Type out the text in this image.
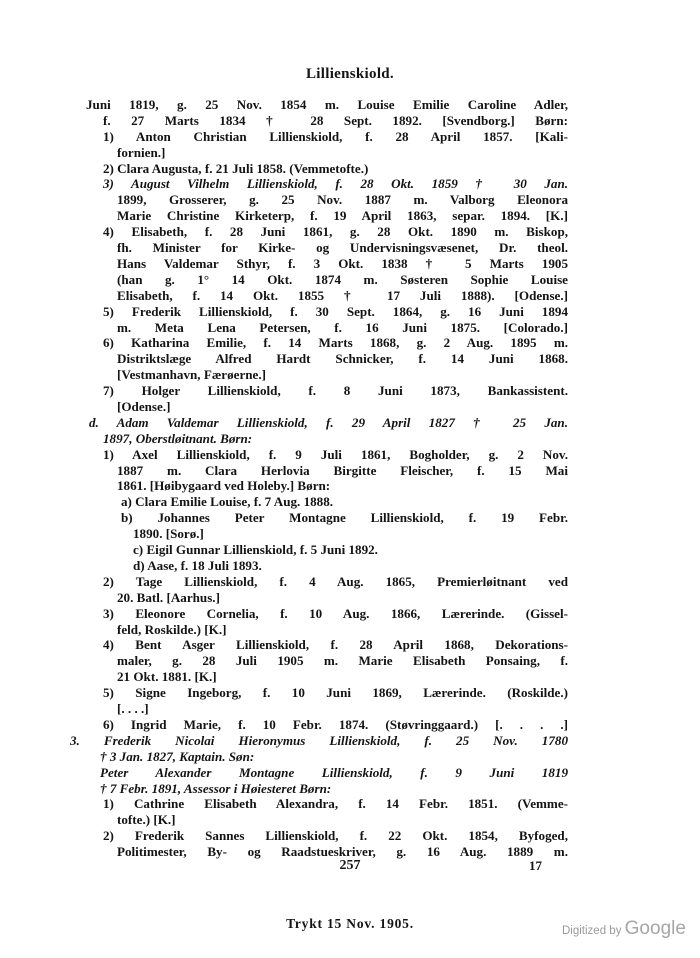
Lillienskiold.
Juni 1819, g. 25 Nov. 1854 m. Louise Emilie Caroline Adler,
f. 27 Marts 1834 † 28 Sept. 1892. [Svendborg.] Børn:
1) Anton Christian Lillienskiold, f. 28 April 1857. [Kali-
fornien.]
2) Clara Augusta, f. 21 Juli 1858. (Vemmetofte.)
3) August Vilhelm Lillienskiold, f. 28 Okt. 1859 † 30 Jan.
1899, Grosserer, g. 25 Nov. 1887 m. Valborg Eleonora
Marie Christine Kirketerp, f. 19 April 1863, separ. 1894. [K.]
4) Elisabeth, f. 28 Juni 1861, g. 28 Okt. 1890 m. Biskop,
fh. Minister for Kirke- og Undervisningsvæsenet, Dr. theol.
Hans Valdemar Sthyr, f. 3 Okt. 1838 † 5 Marts 1905
(han g. 1° 14 Okt. 1874 m. Søsteren Sophie Louise
Elisabeth, f. 14 Okt. 1855 † 17 Juli 1888). [Odense.]
5) Frederik Lillienskiold, f. 30 Sept. 1864, g. 16 Juni 1894
m. Meta Lena Petersen, f. 16 Juni 1875. [Colorado.]
6) Katharina Emilie, f. 14 Marts 1868, g. 2 Aug. 1895 m.
Distriktslæge Alfred Hardt Schnicker, f. 14 Juni 1868.
[Vestmanhavn, Færøerne.]
7) Holger Lillienskiold, f. 8 Juni 1873, Bankassistent.
[Odense.]
d. Adam Valdemar Lillienskiold, f. 29 April 1827 † 25 Jan.
1897, Oberstløitnant. Børn:
1) Axel Lillienskiold, f. 9 Juli 1861, Bogholder, g. 2 Nov.
1887 m. Clara Herlovia Birgitte Fleischer, f. 15 Mai
1861. [Høibygaard ved Holeby.] Børn:
a) Clara Emilie Louise, f. 7 Aug. 1888.
b) Johannes Peter Montagne Lillienskiold, f. 19 Febr.
1890. [Sorø.]
c) Eigil Gunnar Lillienskiold, f. 5 Juni 1892.
d) Aase, f. 18 Juli 1893.
2) Tage Lillienskiold, f. 4 Aug. 1865, Premierløitnant ved
20. Batl. [Aarhus.]
3) Eleonore Cornelia, f. 10 Aug. 1866, Lærerinde. (Gissel-
feld, Roskilde.) [K.]
4) Bent Asger Lillienskiold, f. 28 April 1868, Dekorations-
maler, g. 28 Juli 1905 m. Marie Elisabeth Ponsaing, f.
21 Okt. 1881. [K.]
5) Signe Ingeborg, f. 10 Juni 1869, Lærerinde. (Roskilde.)
[. . . .]
6) Ingrid Marie, f. 10 Febr. 1874. (Støvringgaard.) [. . . .]
3. Frederik Nicolai Hieronymus Lillienskiold, f. 25 Nov. 1780
† 3 Jan. 1827, Kaptain. Søn:
Peter Alexander Montagne Lillienskiold, f. 9 Juni 1819
† 7 Febr. 1891, Assessor i Høiesteret Børn:
1) Cathrine Elisabeth Alexandra, f. 14 Febr. 1851. (Vemme-
tofte.) [K.]
2) Frederik Sannes Lillienskiold, f. 22 Okt. 1854, Byfoged,
Politimester, By- og Raadstueskriver, g. 16 Aug. 1889 m.
257	17
Trykt 15 Nov. 1905.	Digitized by Google
